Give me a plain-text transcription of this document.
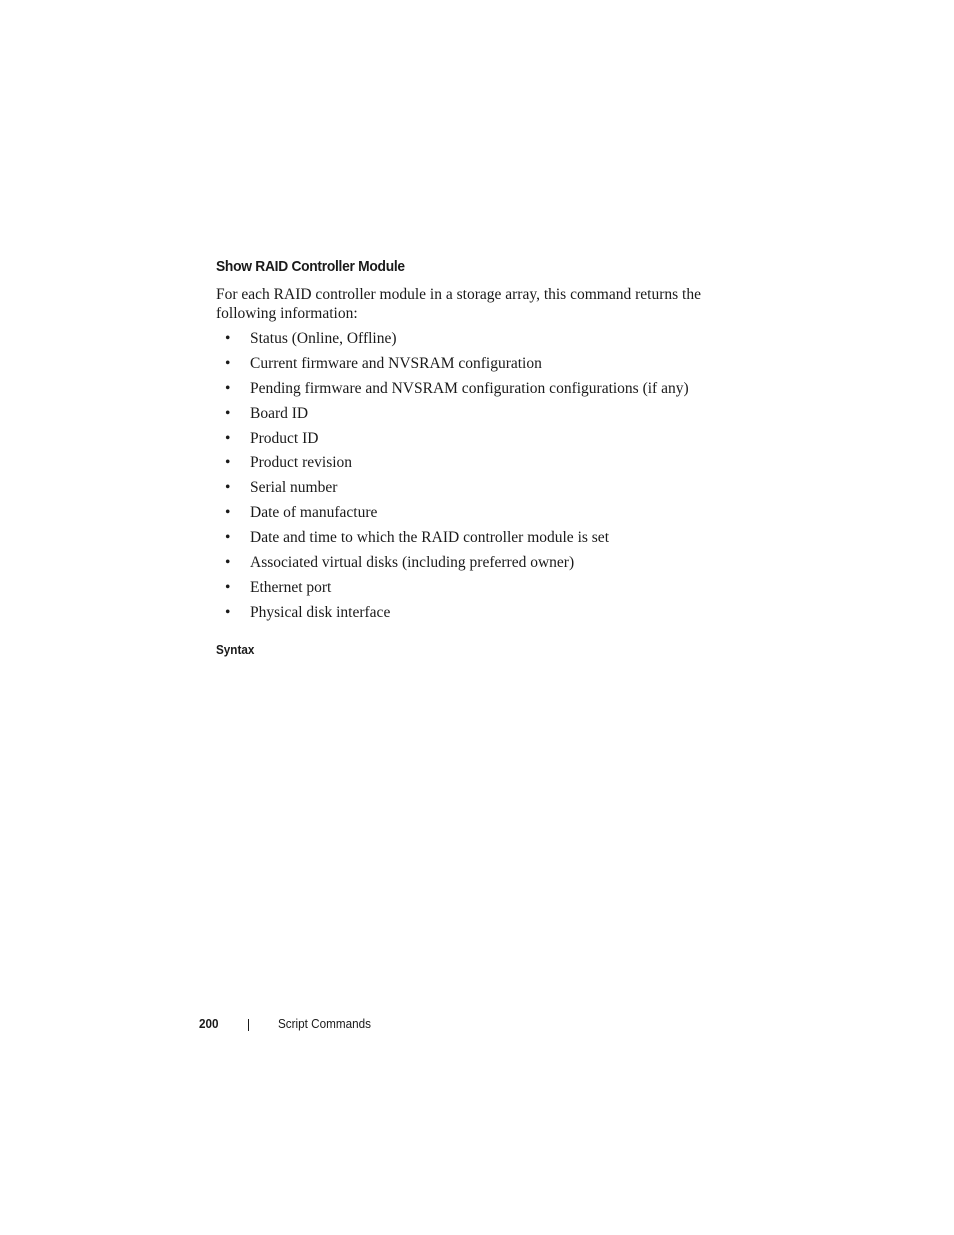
Show RAID Controller Module

For each RAID controller module in a storage array, this command returns the following information:

• Status (Online, Offline)
• Current firmware and NVSRAM configuration
• Pending firmware and NVSRAM configuration configurations (if any)
• Board ID
• Product ID
• Product revision
• Serial number
• Date of manufacture
• Date and time to which the RAID controller module is set
• Associated virtual disks (including preferred owner)
• Ethernet port
• Physical disk interface
Syntax
200	Script Commands
